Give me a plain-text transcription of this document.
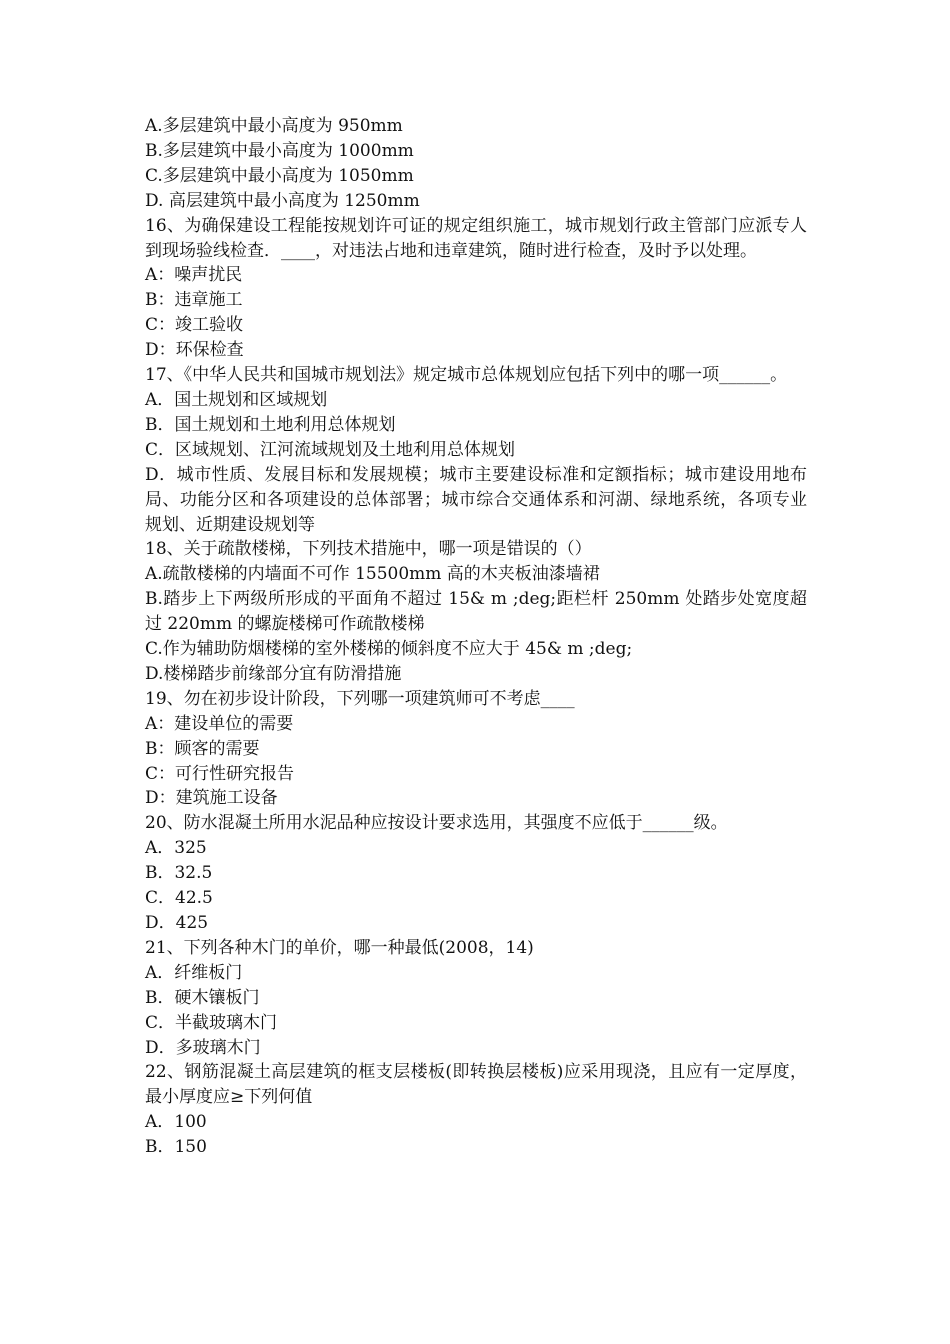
A.多层建筑中最小高度为 950mm
B.多层建筑中最小高度为 1000mm
C.多层建筑中最小高度为 1050mm
D. 高层建筑中最小高度为 1250mm
16、为确保建设工程能按规划许可证的规定组织施工，城市规划行政主管部门应派专人到现场验线检查．____，对违法占地和违章建筑，随时进行检查，及时予以处理。
A：噪声扰民
B：违章施工
C：竣工验收
D：环保检查
17、《中华人民共和国城市规划法》规定城市总体规划应包括下列中的哪一项______。
A．国土规划和区域规划
B．国土规划和土地利用总体规划
C．区域规划、江河流域规划及土地利用总体规划
D．城市性质、发展目标和发展规模；城市主要建设标准和定额指标；城市建设用地布局、功能分区和各项建设的总体部署；城市综合交通体系和河湖、绿地系统，各项专业规划、近期建设规划等
18、关于疏散楼梯，下列技术措施中，哪一项是错误的（）
A.疏散楼梯的内墙面不可作 15500mm 高的木夹板油漆墙裙
B.踏步上下两级所形成的平面角不超过 15& m ;deg;距栏杆 250mm 处踏步处宽度超过 220mm 的螺旋楼梯可作疏散楼梯
C.作为辅助防烟楼梯的室外楼梯的倾斜度不应大于 45& m ;deg;
D.楼梯踏步前缘部分宜有防滑措施
19、勿在初步设计阶段，下列哪一项建筑师可不考虑____
A：建设单位的需要
B：顾客的需要
C：可行性研究报告
D：建筑施工设备
20、防水混凝土所用水泥品种应按设计要求选用，其强度不应低于______级。
A．325
B．32.5
C．42.5
D．425
21、下列各种木门的单价，哪一种最低(2008，14)
A．纤维板门
B．硬木镶板门
C．半截玻璃木门
D．多玻璃木门
22、钢筋混凝土高层建筑的框支层楼板(即转换层楼板)应采用现浇，且应有一定厚度，最小厚度应≥下列何值
A．100
B．150
